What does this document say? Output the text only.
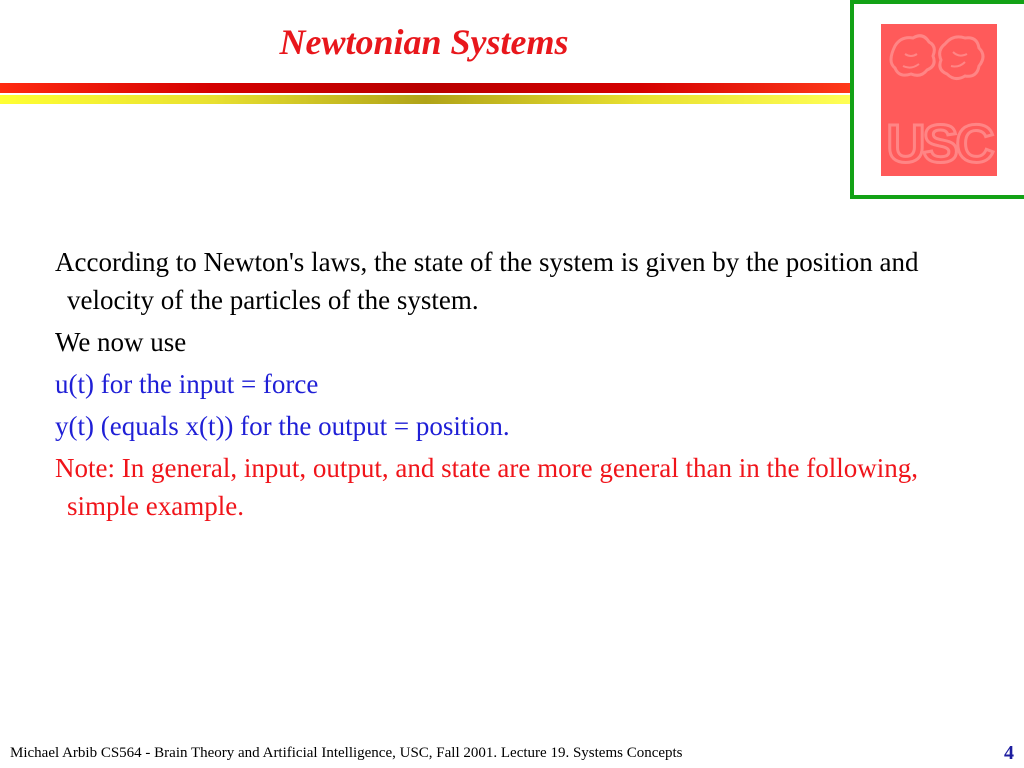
Newtonian Systems
USC

According to Newton's laws, the state of the system is given by the position and velocity of the particles of the system.

We now use

u(t) for the input = force

y(t) (equals x(t)) for the output = position.

Note: In general, input, output, and state are more general than in the following, simple example.

Michael Arbib CS564 - Brain Theory and Artificial Intelligence, USC, Fall 2001. Lecture 19. Systems Concepts	4
